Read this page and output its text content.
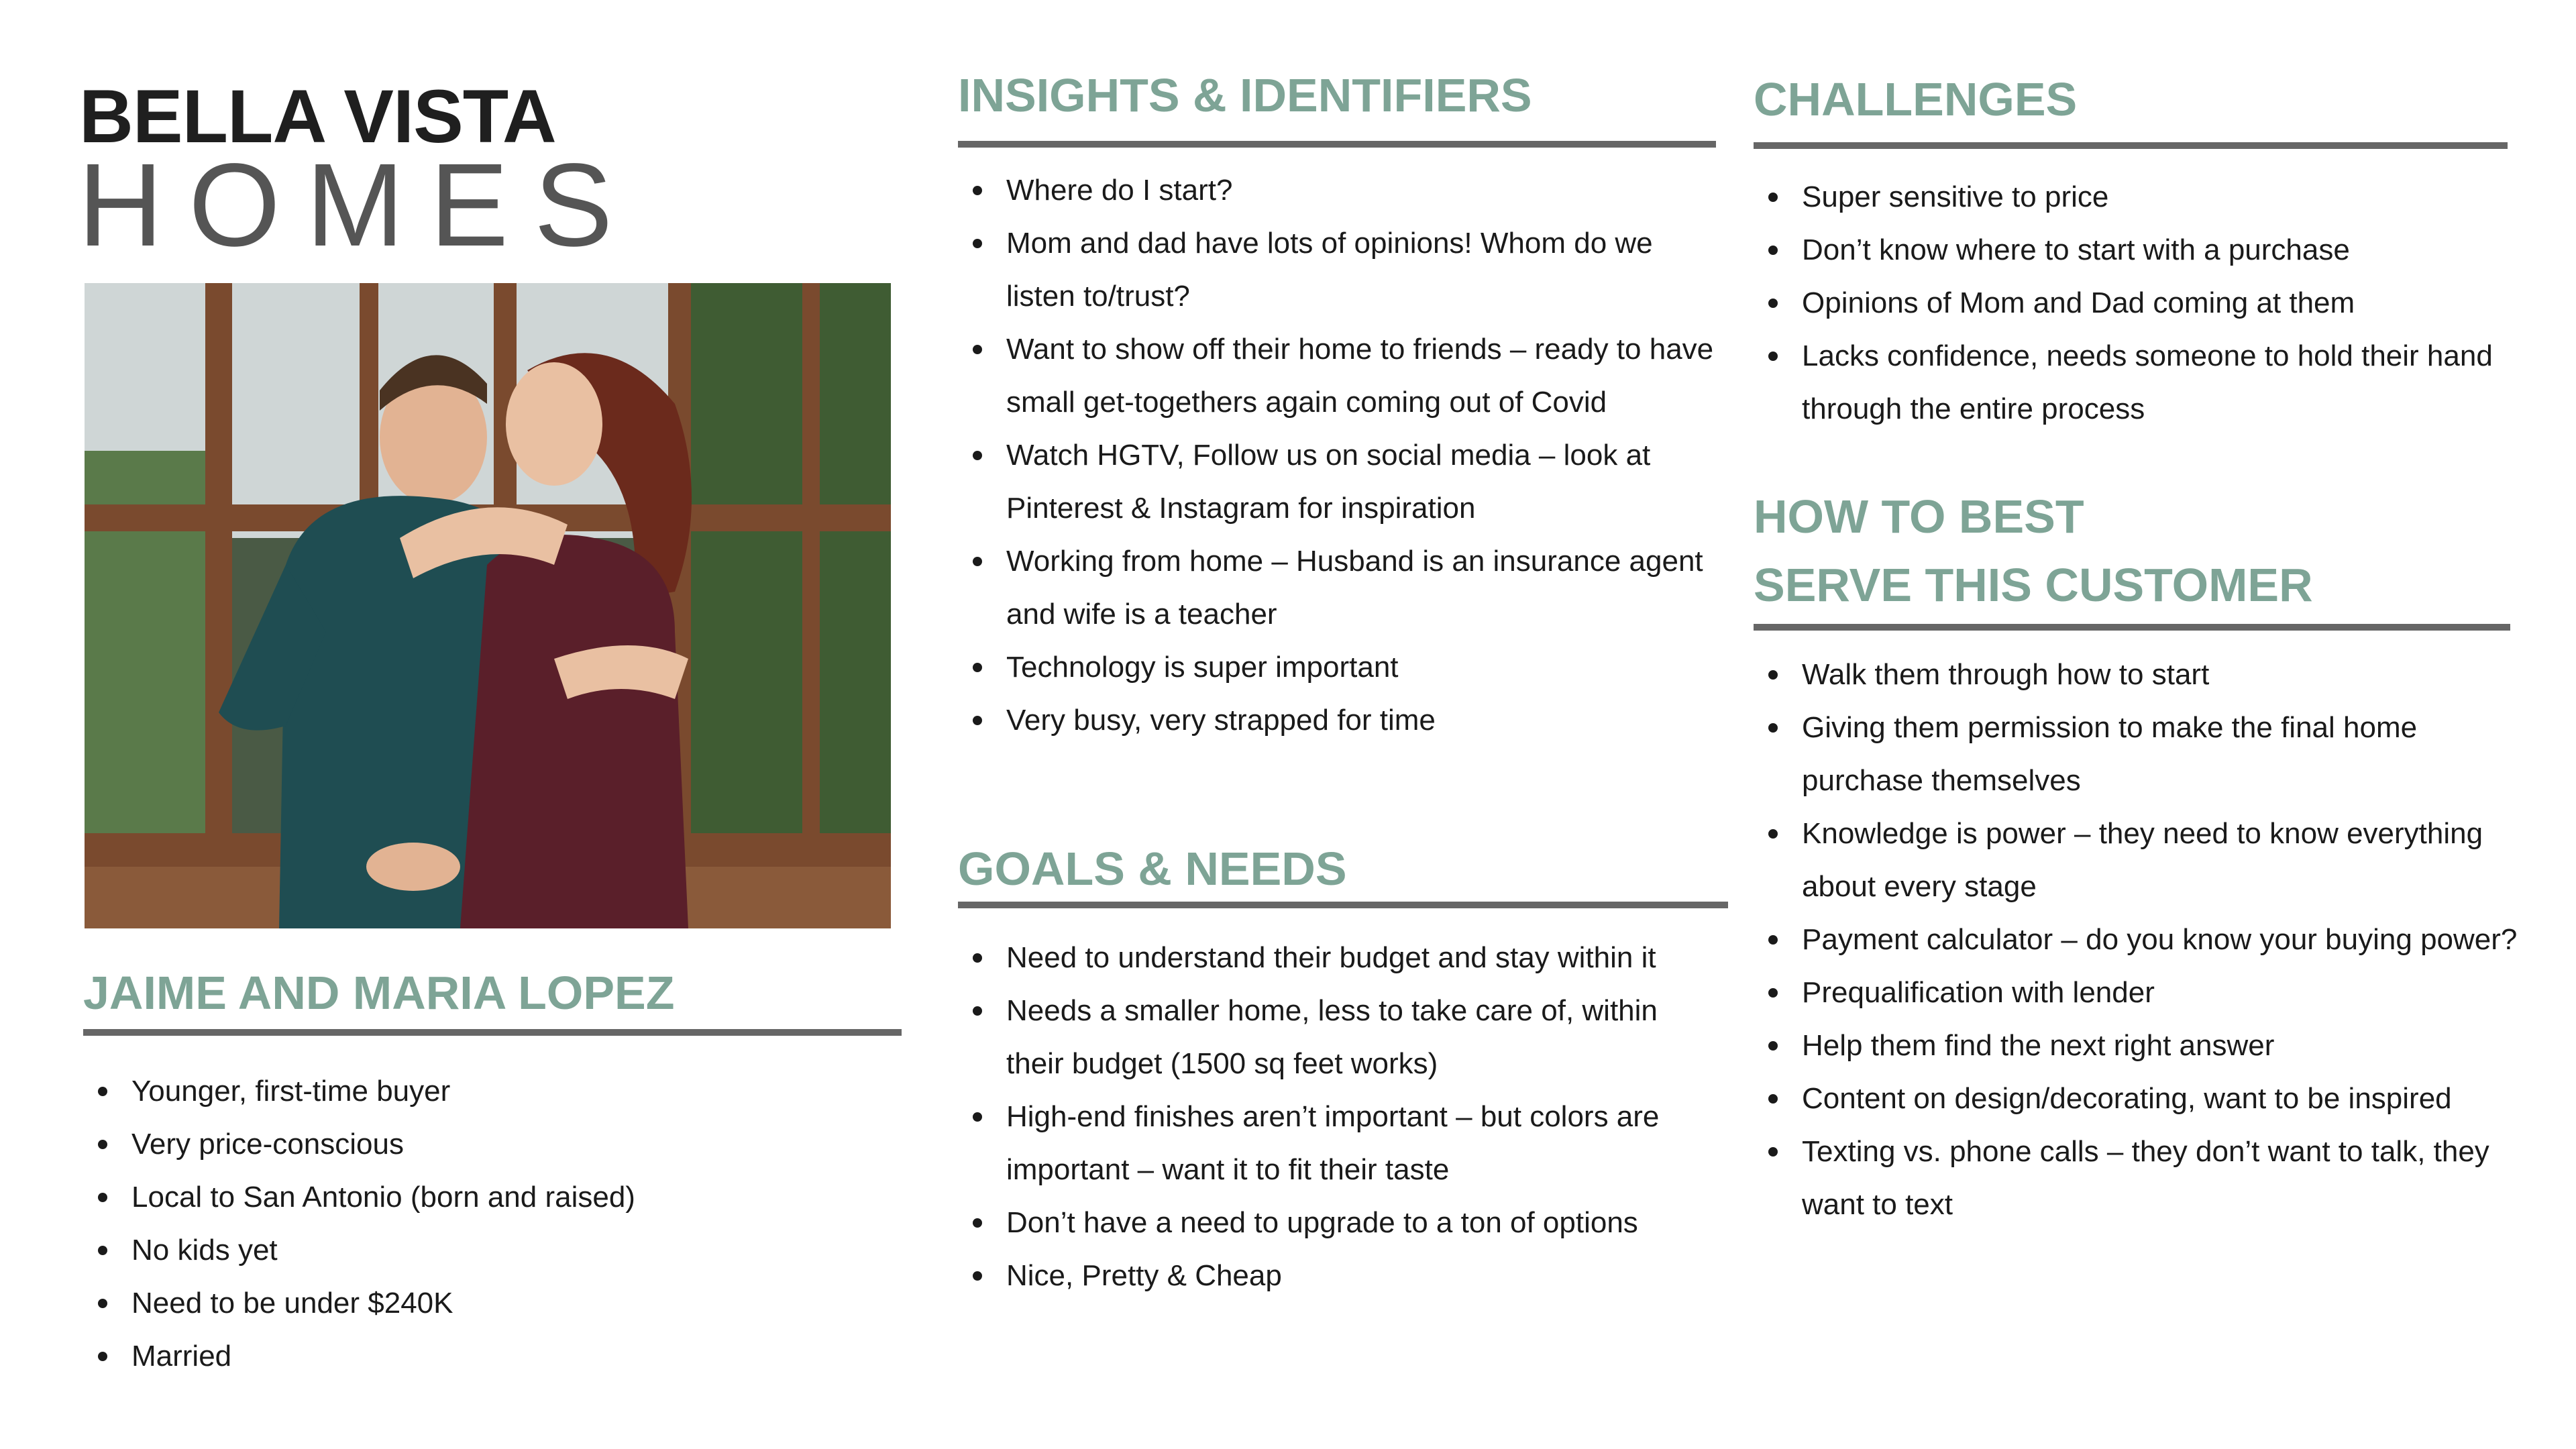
BELLA VISTA
HOMES
JAIME AND MARIA LOPEZ
Younger, first-time buyer
Very price-conscious
Local to San Antonio (born and raised)
No kids yet
Need to be under $240K
Married
INSIGHTS & IDENTIFIERS
Where do I start?
Mom and dad have lots of opinions! Whom do we listen to/trust?
Want to show off their home to friends – ready to have small get-togethers again coming out of Covid
Watch HGTV, Follow us on social media – look at Pinterest & Instagram for inspiration
Working from home – Husband is an insurance agent and wife is a teacher
Technology is super important
Very busy, very strapped for time
GOALS & NEEDS
Need to understand their budget and stay within it
Needs a smaller home, less to take care of, within their budget (1500 sq feet works)
High-end finishes aren’t important – but colors are important – want it to fit their taste
Don’t have a need to upgrade to a ton of options
Nice, Pretty & Cheap
CHALLENGES
Super sensitive to price
Don’t know where to start with a purchase
Opinions of Mom and Dad coming at them
Lacks confidence, needs someone to hold their hand through the entire process
HOW TO BEST
SERVE THIS CUSTOMER
Walk them through how to start
Giving them permission to make the final home purchase themselves
Knowledge is power – they need to know everything about every stage
Payment calculator – do you know your buying power?
Prequalification with lender
Help them find the next right answer
Content on design/decorating, want to be inspired
Texting vs. phone calls – they don’t want to talk, they want to text
